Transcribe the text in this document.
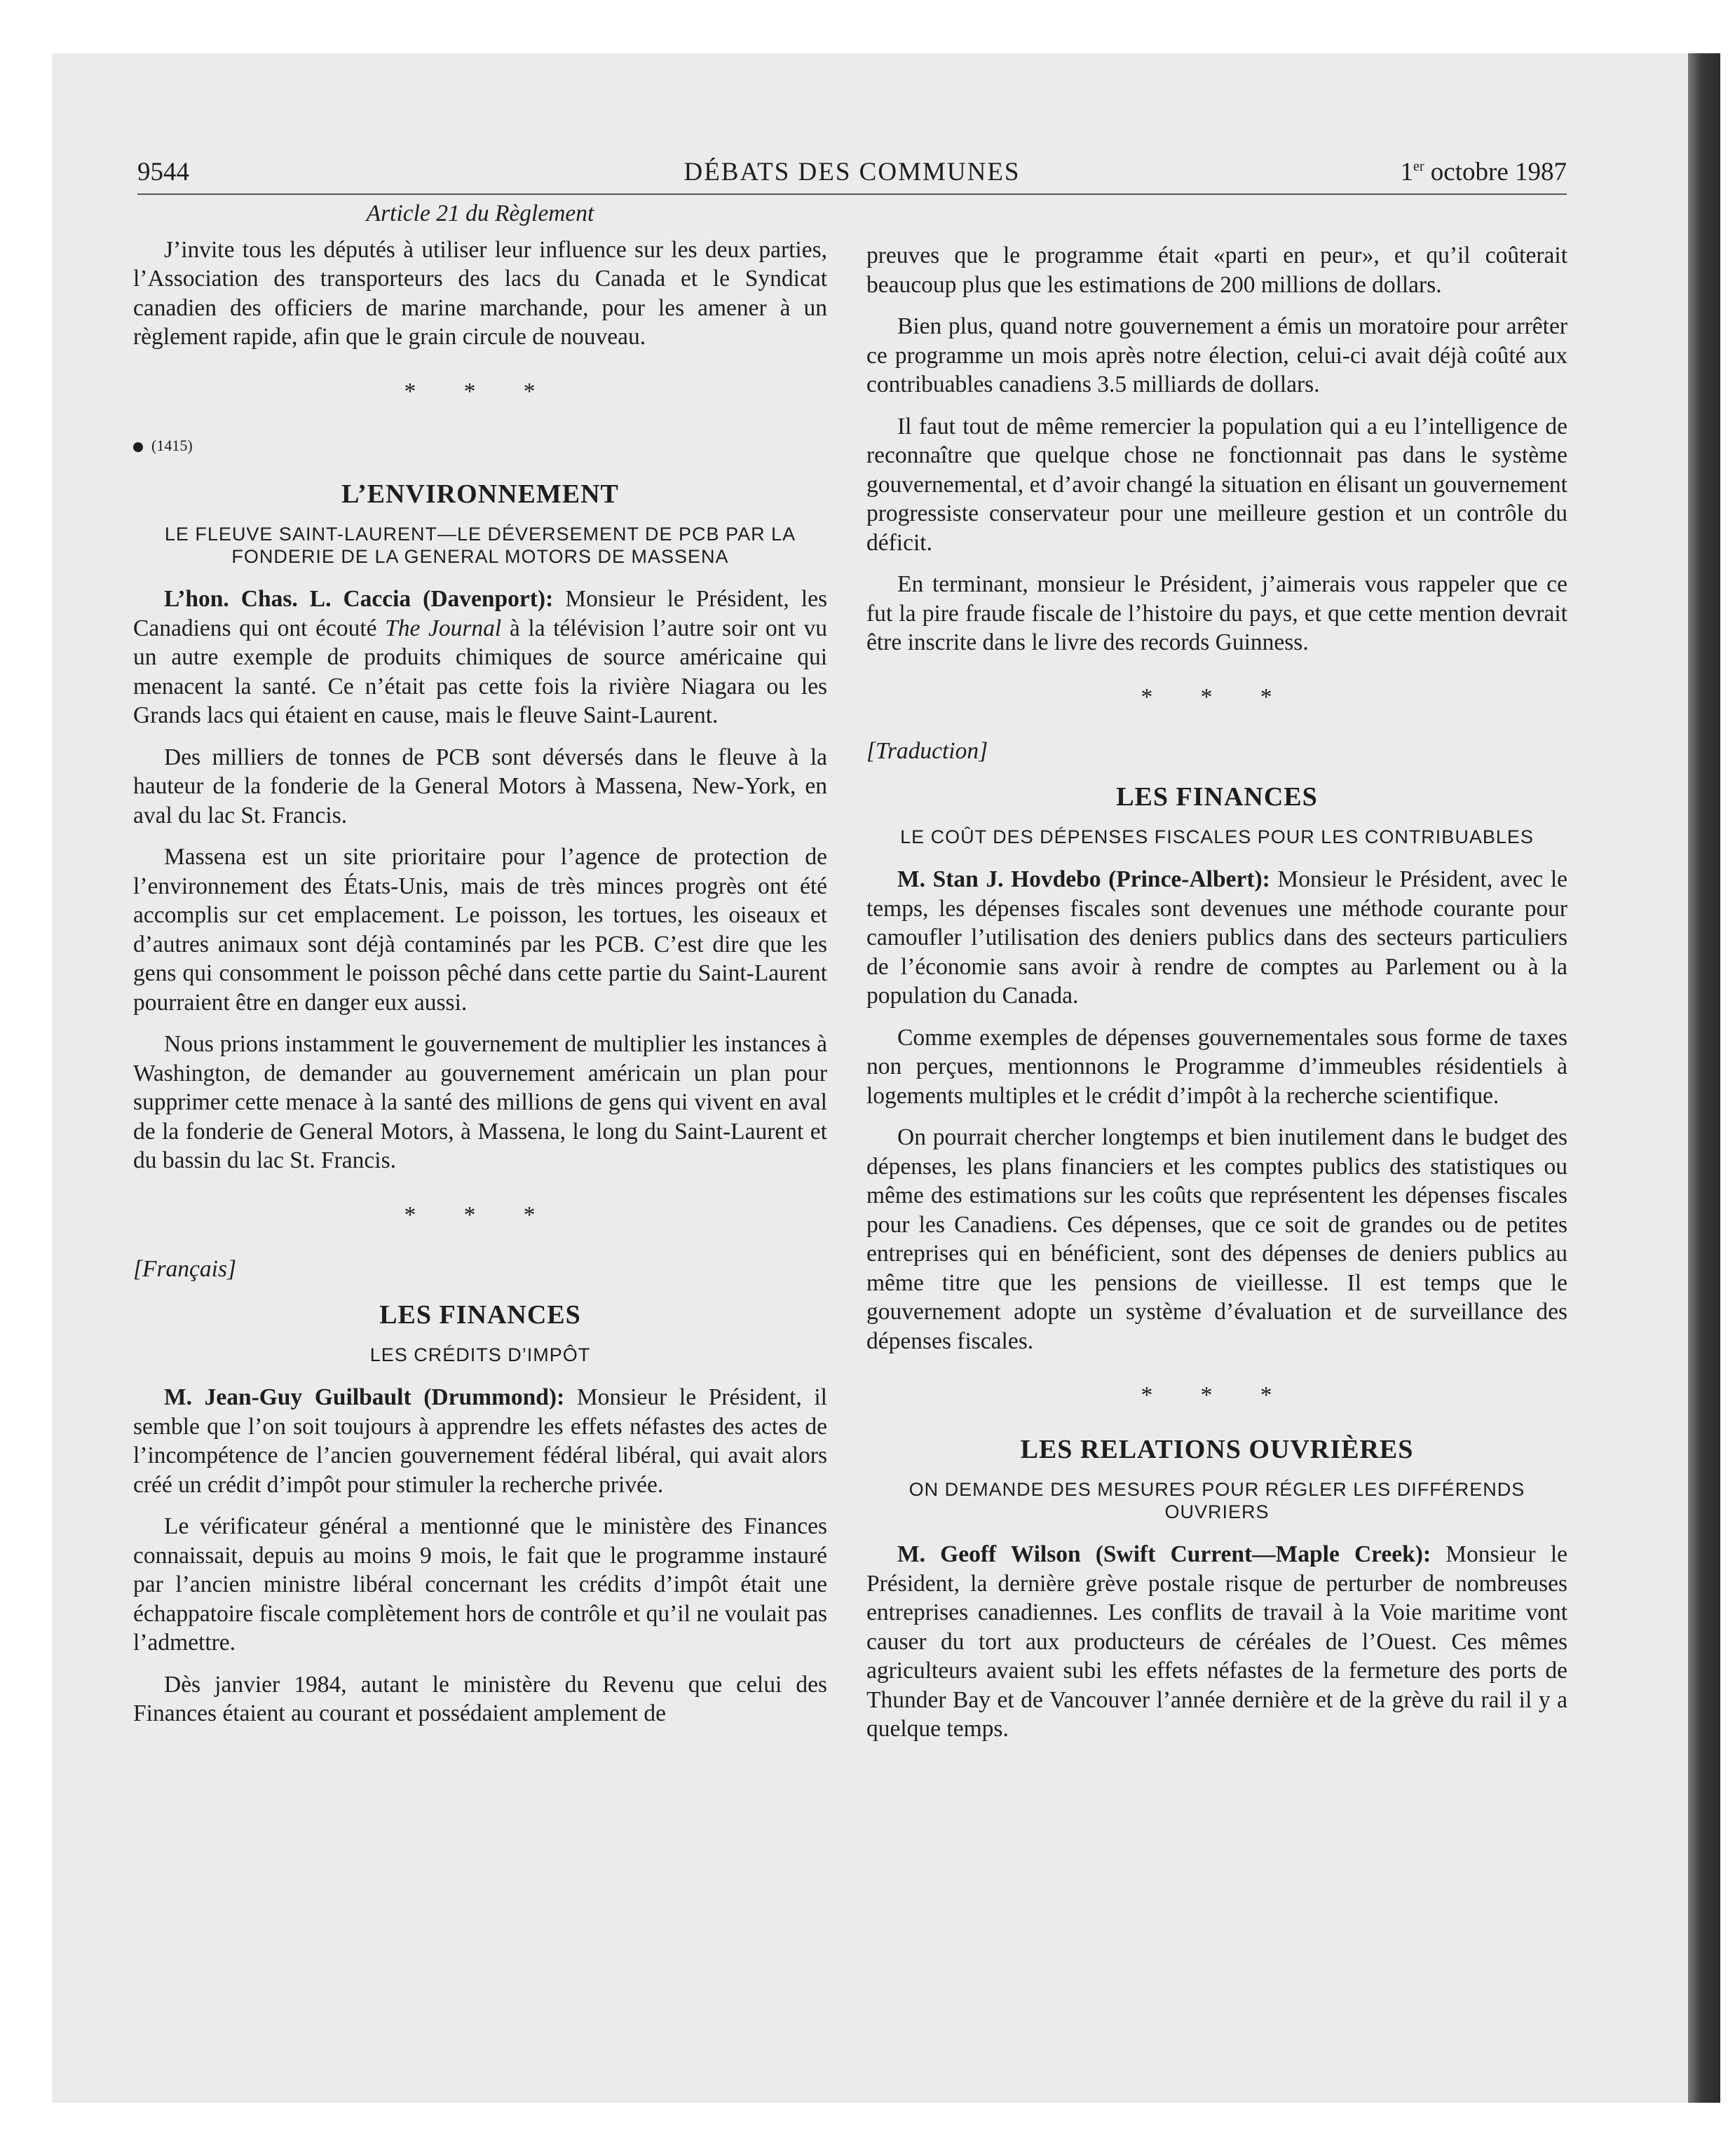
9544	DÉBATS DES COMMUNES	1er octobre 1987
Article 21 du Règlement

J’invite tous les députés à utiliser leur influence sur les deux parties, l’Association des transporteurs des lacs du Canada et le Syndicat canadien des officiers de marine marchande, pour les amener à un règlement rapide, afin que le grain circule de nouveau.

* * *
(1415)
L’ENVIRONNEMENT
LE FLEUVE SAINT-LAURENT—LE DÉVERSEMENT DE PCB PAR LA FONDERIE DE LA GENERAL MOTORS DE MASSENA

L’hon. Chas. L. Caccia (Davenport): Monsieur le Président, les Canadiens qui ont écouté The Journal à la télévision l’autre soir ont vu un autre exemple de produits chimiques de source américaine qui menacent la santé. Ce n’était pas cette fois la rivière Niagara ou les Grands lacs qui étaient en cause, mais le fleuve Saint-Laurent.

Des milliers de tonnes de PCB sont déversés dans le fleuve à la hauteur de la fonderie de la General Motors à Massena, New-York, en aval du lac St. Francis.

Massena est un site prioritaire pour l’agence de protection de l’environnement des États-Unis, mais de très minces progrès ont été accomplis sur cet emplacement. Le poisson, les tortues, les oiseaux et d’autres animaux sont déjà contaminés par les PCB. C’est dire que les gens qui consomment le poisson pêché dans cette partie du Saint-Laurent pourraient être en danger eux aussi.

Nous prions instamment le gouvernement de multiplier les instances à Washington, de demander au gouvernement américain un plan pour supprimer cette menace à la santé des millions de gens qui vivent en aval de la fonderie de General Motors, à Massena, le long du Saint-Laurent et du bassin du lac St. Francis.

* * *

[Français]

LES FINANCES
LES CRÉDITS D’IMPÔT

M. Jean-Guy Guilbault (Drummond): Monsieur le Président, il semble que l’on soit toujours à apprendre les effets néfastes des actes de l’incompétence de l’ancien gouvernement fédéral libéral, qui avait alors créé un crédit d’impôt pour stimuler la recherche privée.

Le vérificateur général a mentionné que le ministère des Finances connaissait, depuis au moins 9 mois, le fait que le programme instauré par l’ancien ministre libéral concernant les crédits d’impôt était une échappatoire fiscale complètement hors de contrôle et qu’il ne voulait pas l’admettre.

Dès janvier 1984, autant le ministère du Revenu que celui des Finances étaient au courant et possédaient amplement de

preuves que le programme était «parti en peur», et qu’il coûterait beaucoup plus que les estimations de 200 millions de dollars.

Bien plus, quand notre gouvernement a émis un moratoire pour arrêter ce programme un mois après notre élection, celui-ci avait déjà coûté aux contribuables canadiens 3.5 milliards de dollars.

Il faut tout de même remercier la population qui a eu l’intelligence de reconnaître que quelque chose ne fonctionnait pas dans le système gouvernemental, et d’avoir changé la situation en élisant un gouvernement progressiste conservateur pour une meilleure gestion et un contrôle du déficit.

En terminant, monsieur le Président, j’aimerais vous rappeler que ce fut la pire fraude fiscale de l’histoire du pays, et que cette mention devrait être inscrite dans le livre des records Guinness.

* * *

[Traduction]

LES FINANCES
LE COÛT DES DÉPENSES FISCALES POUR LES CONTRIBUABLES

M. Stan J. Hovdebo (Prince-Albert): Monsieur le Président, avec le temps, les dépenses fiscales sont devenues une méthode courante pour camoufler l’utilisation des deniers publics dans des secteurs particuliers de l’économie sans avoir à rendre de comptes au Parlement ou à la population du Canada.

Comme exemples de dépenses gouvernementales sous forme de taxes non perçues, mentionnons le Programme d’immeubles résidentiels à logements multiples et le crédit d’impôt à la recherche scientifique.

On pourrait chercher longtemps et bien inutilement dans le budget des dépenses, les plans financiers et les comptes publics des statistiques ou même des estimations sur les coûts que représentent les dépenses fiscales pour les Canadiens. Ces dépenses, que ce soit de grandes ou de petites entreprises qui en bénéficient, sont des dépenses de deniers publics au même titre que les pensions de vieillesse. Il est temps que le gouvernement adopte un système d’évaluation et de surveillance des dépenses fiscales.

* * *
LES RELATIONS OUVRIÈRES
ON DEMANDE DES MESURES POUR RÉGLER LES DIFFÉRENDS OUVRIERS

M. Geoff Wilson (Swift Current—Maple Creek): Monsieur le Président, la dernière grève postale risque de perturber de nombreuses entreprises canadiennes. Les conflits de travail à la Voie maritime vont causer du tort aux producteurs de céréales de l’Ouest. Ces mêmes agriculteurs avaient subi les effets néfastes de la fermeture des ports de Thunder Bay et de Vancouver l’année dernière et de la grève du rail il y a quelque temps.
